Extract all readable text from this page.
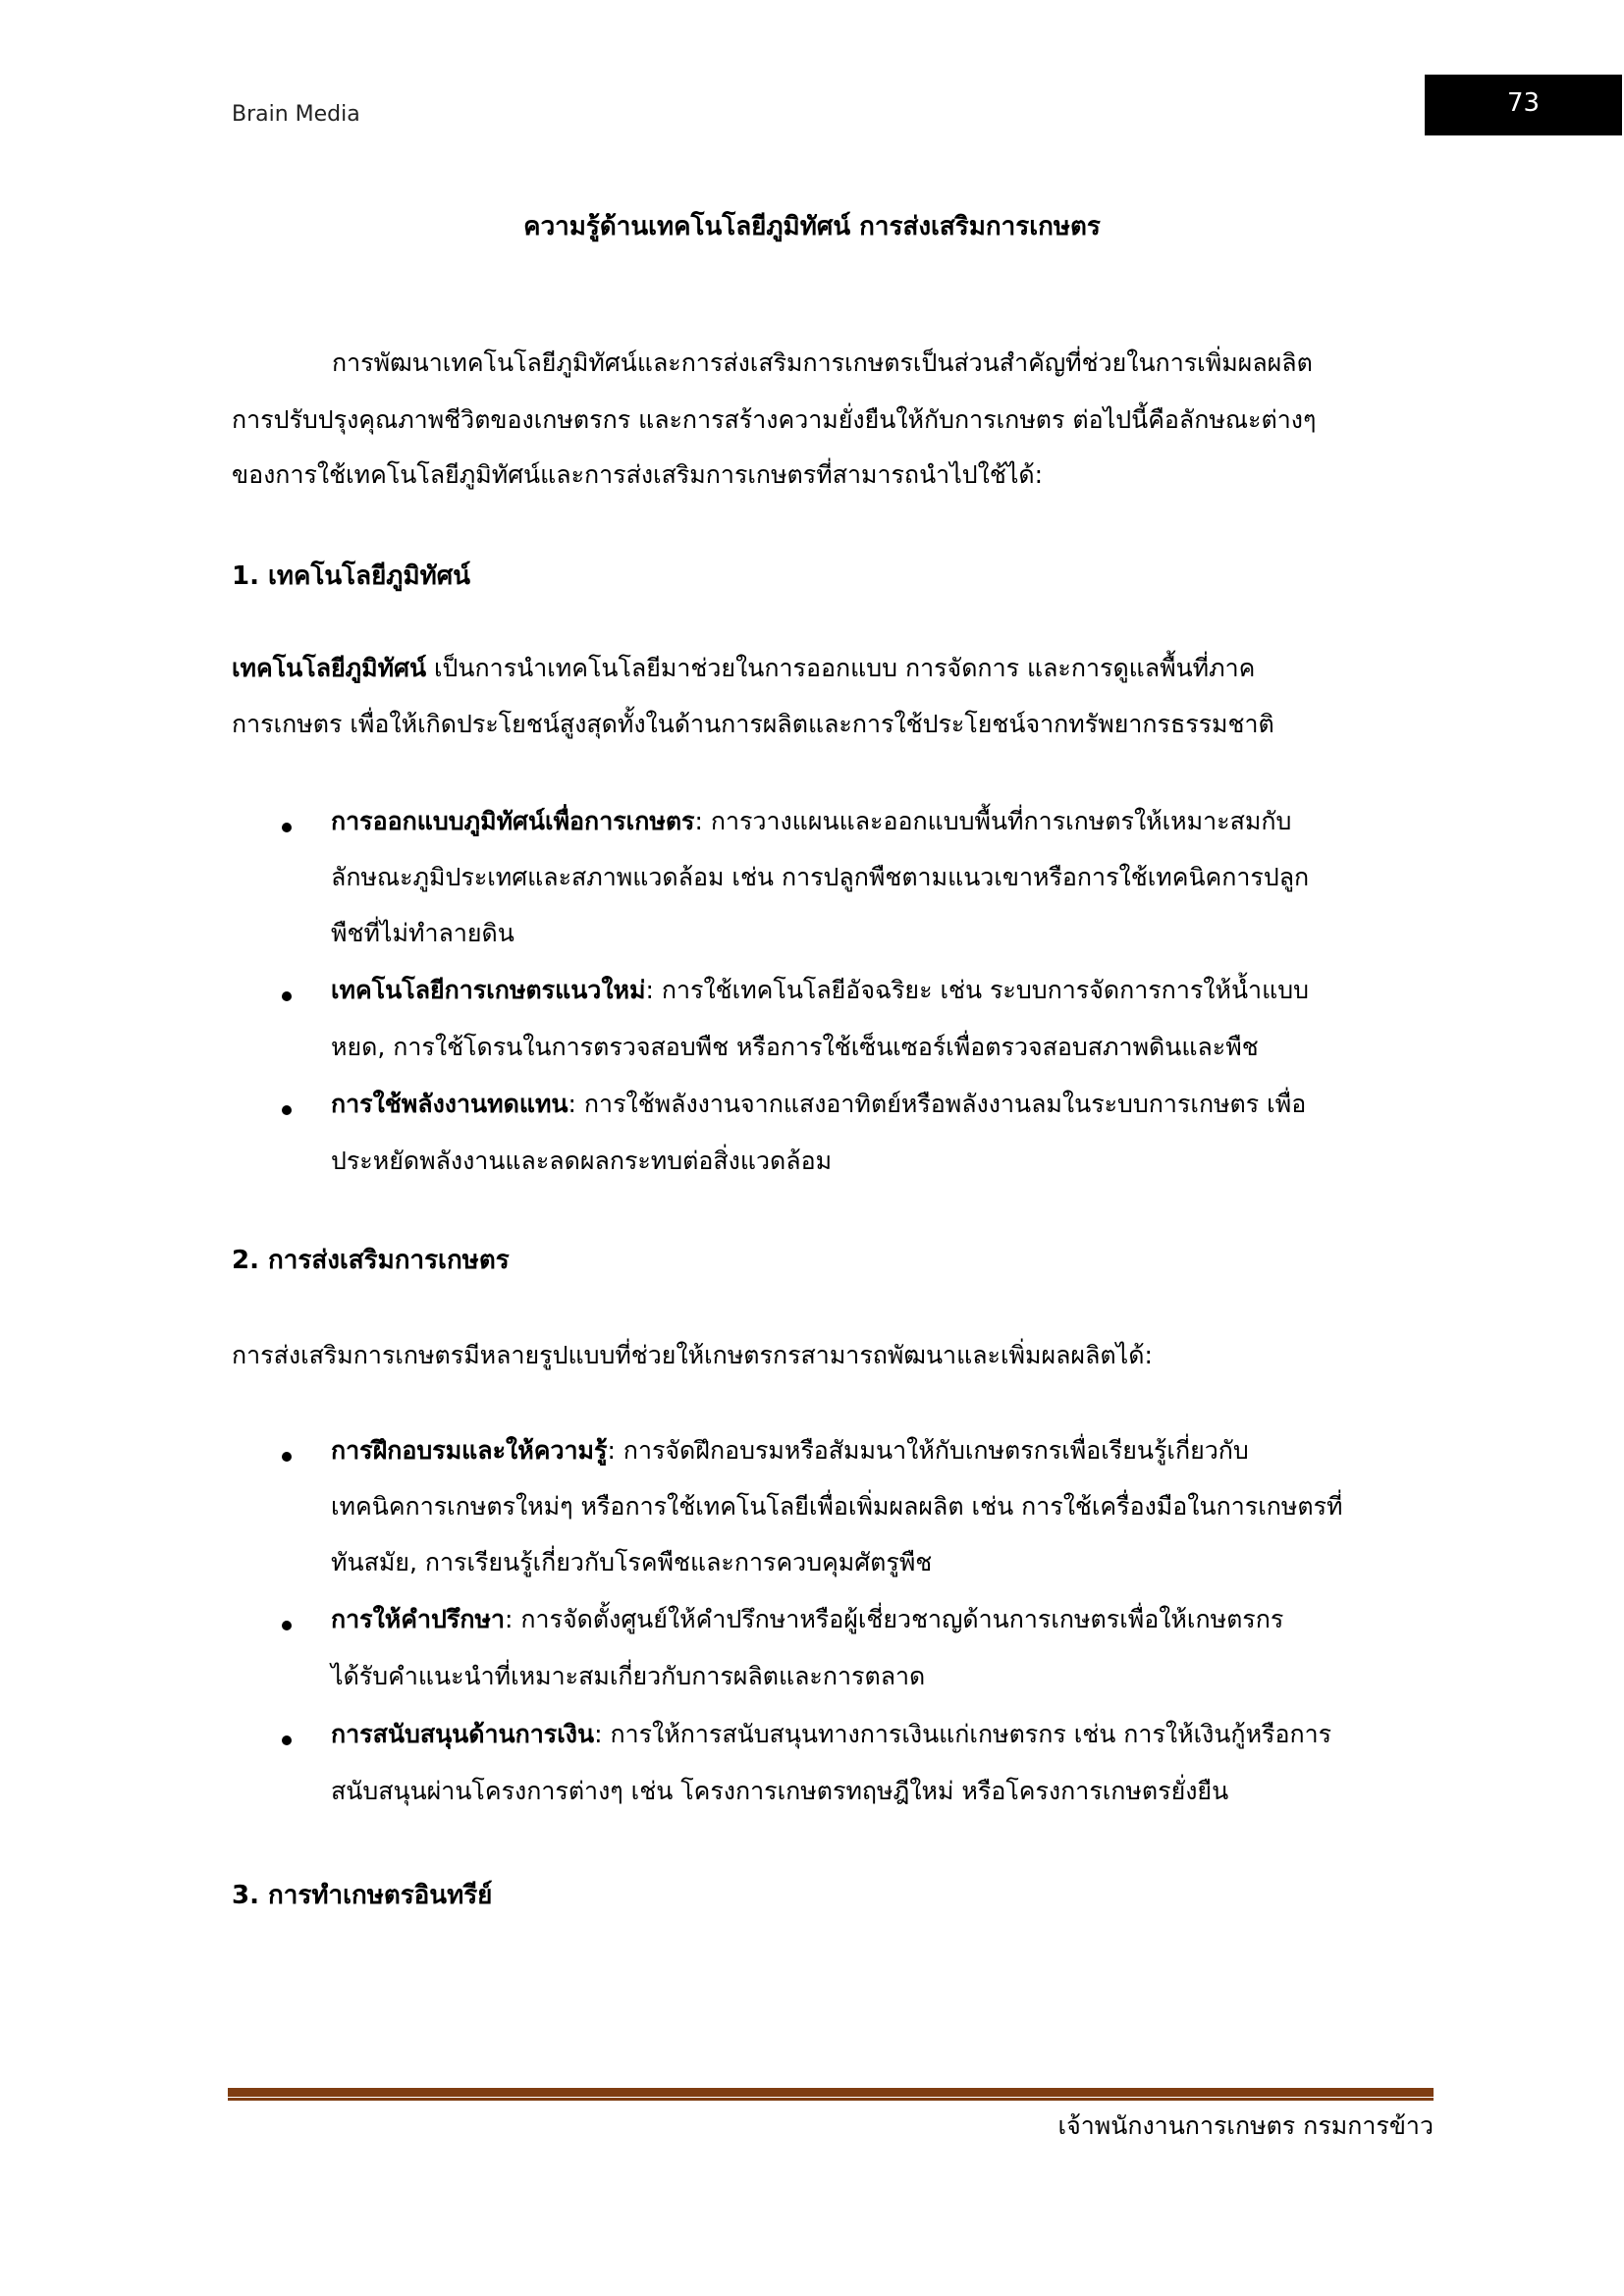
Brain Media	73
ความรู้ด้านเทคโนโลยีภูมิทัศน์ การส่งเสริมการเกษตร
การพัฒนาเทคโนโลยีภูมิทัศน์และการส่งเสริมการเกษตรเป็นส่วนสำคัญที่ช่วยในการเพิ่มผลผลิต
การปรับปรุงคุณภาพชีวิตของเกษตรกร และการสร้างความยั่งยืนให้กับการเกษตร ต่อไปนี้คือลักษณะต่างๆ
ของการใช้เทคโนโลยีภูมิทัศน์และการส่งเสริมการเกษตรที่สามารถนำไปใช้ได้:
1. เทคโนโลยีภูมิทัศน์
เทคโนโลยีภูมิทัศน์ เป็นการนำเทคโนโลยีมาช่วยในการออกแบบ การจัดการ และการดูแลพื้นที่ภาค
การเกษตร เพื่อให้เกิดประโยชน์สูงสุดทั้งในด้านการผลิตและการใช้ประโยชน์จากทรัพยากรธรรมชาติ
การออกแบบภูมิทัศน์เพื่อการเกษตร: การวางแผนและออกแบบพื้นที่การเกษตรให้เหมาะสมกับ
ลักษณะภูมิประเทศและสภาพแวดล้อม เช่น การปลูกพืชตามแนวเขาหรือการใช้เทคนิคการปลูก
พืชที่ไม่ทำลายดิน
เทคโนโลยีการเกษตรแนวใหม่: การใช้เทคโนโลยีอัจฉริยะ เช่น ระบบการจัดการการให้น้ำแบบ
หยด, การใช้โดรนในการตรวจสอบพืช หรือการใช้เซ็นเซอร์เพื่อตรวจสอบสภาพดินและพืช
การใช้พลังงานทดแทน: การใช้พลังงานจากแสงอาทิตย์หรือพลังงานลมในระบบการเกษตร เพื่อ
ประหยัดพลังงานและลดผลกระทบต่อสิ่งแวดล้อม
2. การส่งเสริมการเกษตร
การส่งเสริมการเกษตรมีหลายรูปแบบที่ช่วยให้เกษตรกรสามารถพัฒนาและเพิ่มผลผลิตได้:
การฝึกอบรมและให้ความรู้: การจัดฝึกอบรมหรือสัมมนาให้กับเกษตรกรเพื่อเรียนรู้เกี่ยวกับ
เทคนิคการเกษตรใหม่ๆ หรือการใช้เทคโนโลยีเพื่อเพิ่มผลผลิต เช่น การใช้เครื่องมือในการเกษตรที่
ทันสมัย, การเรียนรู้เกี่ยวกับโรคพืชและการควบคุมศัตรูพืช
การให้คำปรึกษา: การจัดตั้งศูนย์ให้คำปรึกษาหรือผู้เชี่ยวชาญด้านการเกษตรเพื่อให้เกษตรกร
ได้รับคำแนะนำที่เหมาะสมเกี่ยวกับการผลิตและการตลาด
การสนับสนุนด้านการเงิน: การให้การสนับสนุนทางการเงินแก่เกษตรกร เช่น การให้เงินกู้หรือการ
สนับสนุนผ่านโครงการต่างๆ เช่น โครงการเกษตรทฤษฎีใหม่ หรือโครงการเกษตรยั่งยืน
3. การทำเกษตรอินทรีย์
เจ้าพนักงานการเกษตร กรมการข้าว
